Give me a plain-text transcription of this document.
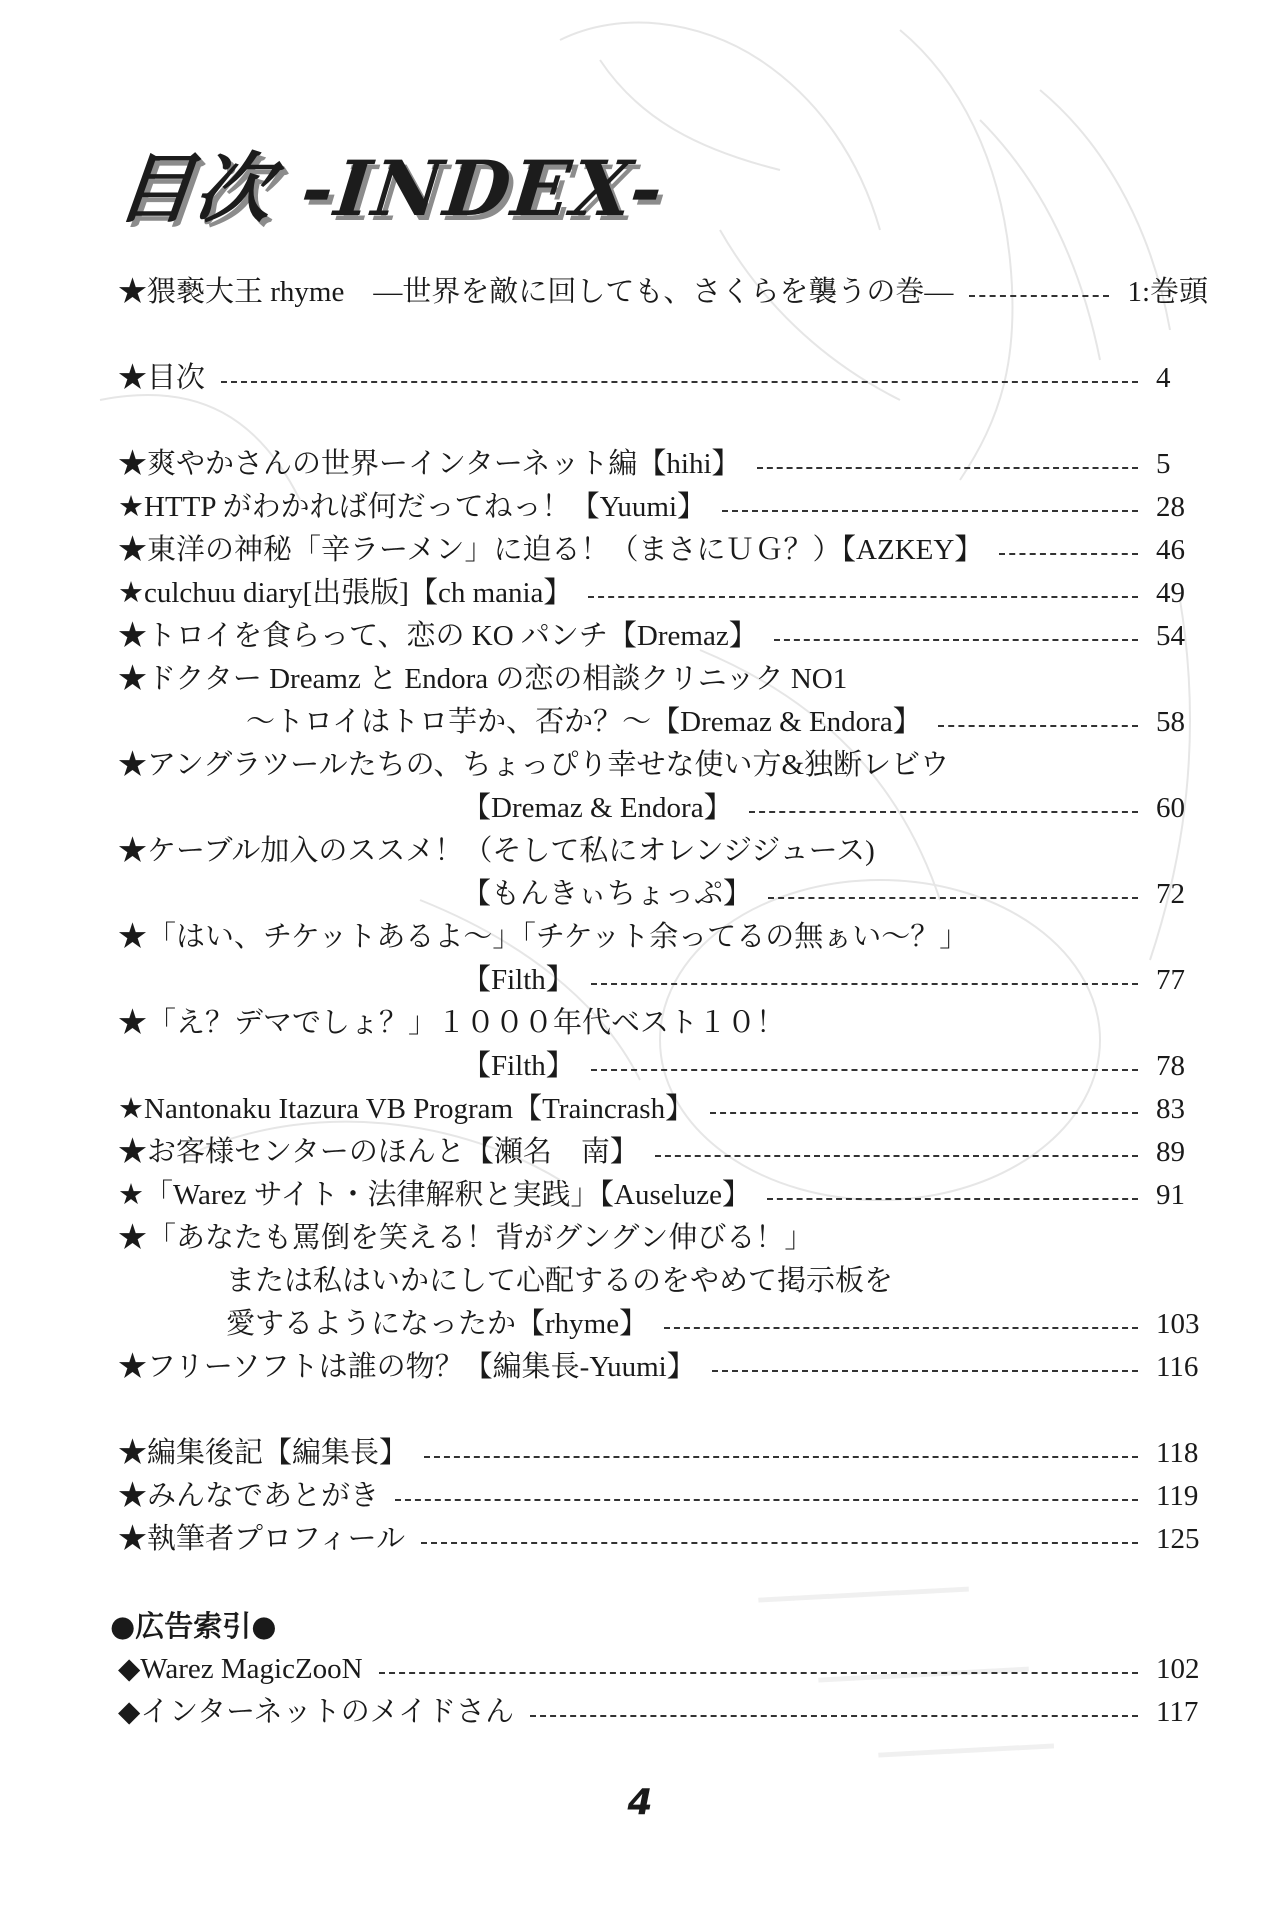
──────
──────
─────
目次 -INDEX-
★猥褻大王 rhyme　—世界を敵に回しても、さくらを襲うの巻—	1:巻頭
★目次	4
★爽やかさんの世界ーインターネット編【hihi】	5
★HTTP がわかれば何だってねっ！【Yuumi】	28
★東洋の神秘「辛ラーメン」に迫る！（まさにＵＧ？）【AZKEY】	46
★culchuu diary[出張版]【ch mania】	49
★トロイを食らって、恋の KO パンチ【Dremaz】	54
★ドクター Dreamz と Endora の恋の相談クリニック NO1
～トロイはトロ芋か、否か？～【Dremaz & Endora】	58
★アングラツールたちの、ちょっぴり幸せな使い方&独断レビウ
【Dremaz & Endora】	60
★ケーブル加入のススメ！（そして私にオレンジジュース)
【もんきぃちょっぷ】	72
★「はい、チケットあるよ～」「チケット余ってるの無ぁい～？」
【Filth】	77
★「え？デマでしょ？」１０００年代ベスト１０！
【Filth】	78
★Nantonaku Itazura VB Program【Traincrash】	83
★お客様センターのほんと【瀬名　南】	89
★「Warez サイト・法律解釈と実践」【Auseluze】	91
★「あなたも罵倒を笑える！背がグングン伸びる！」
または私はいかにして心配するのをやめて掲示板を
愛するようになったか【rhyme】	103
★フリーソフトは誰の物？【編集長-Yuumi】	116
★編集後記【編集長】	118
★みんなであとがき	119
★執筆者プロフィール	125
●広告索引●
◆Warez MagicZooN	102
◆インターネットのメイドさん	117
4
